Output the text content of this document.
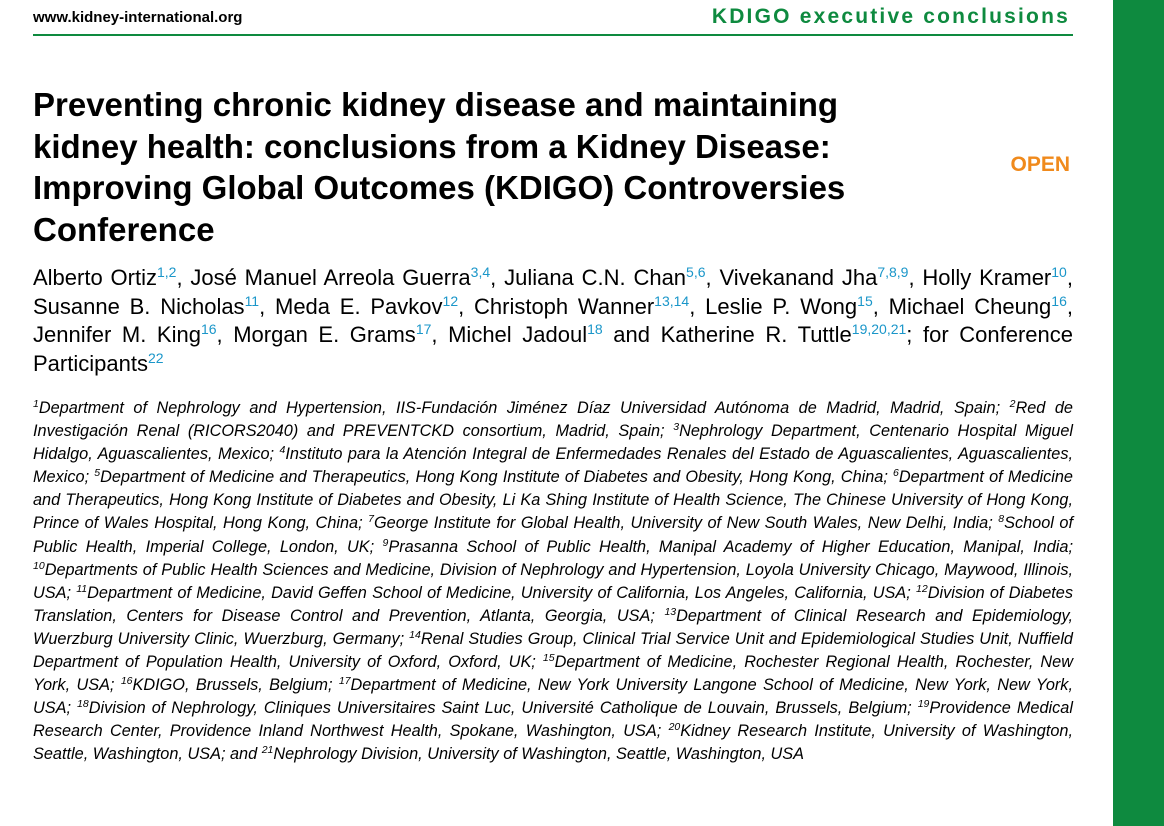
www.kidney-international.org	KDIGO executive conclusions
Preventing chronic kidney disease and maintaining kidney health: conclusions from a Kidney Disease: Improving Global Outcomes (KDIGO) Controversies Conference
OPEN

Alberto Ortiz$^{1,2}$, José Manuel Arreola Guerra$^{3,4}$, Juliana C.N. Chan$^{5,6}$, Vivekanand Jha$^{7,8,9}$, Holly Kramer$^{10}$, Susanne B. Nicholas$^{11}$, Meda E. Pavkov$^{12}$, Christoph Wanner$^{13,14}$, Leslie P. Wong$^{15}$, Michael Cheung$^{16}$, Jennifer M. King$^{16}$, Morgan E. Grams$^{17}$, Michel Jadoul$^{18}$ and Katherine R. Tuttle$^{19,20,21}$; for Conference Participants$^{22}$

$^1$Department of Nephrology and Hypertension, IIS-Fundación Jiménez Díaz Universidad Autónoma de Madrid, Madrid, Spain; $^2$Red de Investigación Renal (RICORS2040) and PREVENTCKD consortium, Madrid, Spain; $^3$Nephrology Department, Centenario Hospital Miguel Hidalgo, Aguascalientes, Mexico; $^4$Instituto para la Atención Integral de Enfermedades Renales del Estado de Aguascalientes, Aguascalientes, Mexico; $^5$Department of Medicine and Therapeutics, Hong Kong Institute of Diabetes and Obesity, Hong Kong, China; $^6$Department of Medicine and Therapeutics, Hong Kong Institute of Diabetes and Obesity, Li Ka Shing Institute of Health Science, The Chinese University of Hong Kong, Prince of Wales Hospital, Hong Kong, China; $^7$George Institute for Global Health, University of New South Wales, New Delhi, India; $^8$School of Public Health, Imperial College, London, UK; $^9$Prasanna School of Public Health, Manipal Academy of Higher Education, Manipal, India; $^{10}$Departments of Public Health Sciences and Medicine, Division of Nephrology and Hypertension, Loyola University Chicago, Maywood, Illinois, USA; $^{11}$Department of Medicine, David Geffen School of Medicine, University of California, Los Angeles, California, USA; $^{12}$Division of Diabetes Translation, Centers for Disease Control and Prevention, Atlanta, Georgia, USA; $^{13}$Department of Clinical Research and Epidemiology, Wuerzburg University Clinic, Wuerzburg, Germany; $^{14}$Renal Studies Group, Clinical Trial Service Unit and Epidemiological Studies Unit, Nuffield Department of Population Health, University of Oxford, Oxford, UK; $^{15}$Department of Medicine, Rochester Regional Health, Rochester, New York, USA; $^{16}$KDIGO, Brussels, Belgium; $^{17}$Department of Medicine, New York University Langone School of Medicine, New York, New York, USA; $^{18}$Division of Nephrology, Cliniques Universitaires Saint Luc, Université Catholique de Louvain, Brussels, Belgium; $^{19}$Providence Medical Research Center, Providence Inland Northwest Health, Spokane, Washington, USA; $^{20}$Kidney Research Institute, University of Washington, Seattle, Washington, USA; and $^{21}$Nephrology Division, University of Washington, Seattle, Washington, USA
